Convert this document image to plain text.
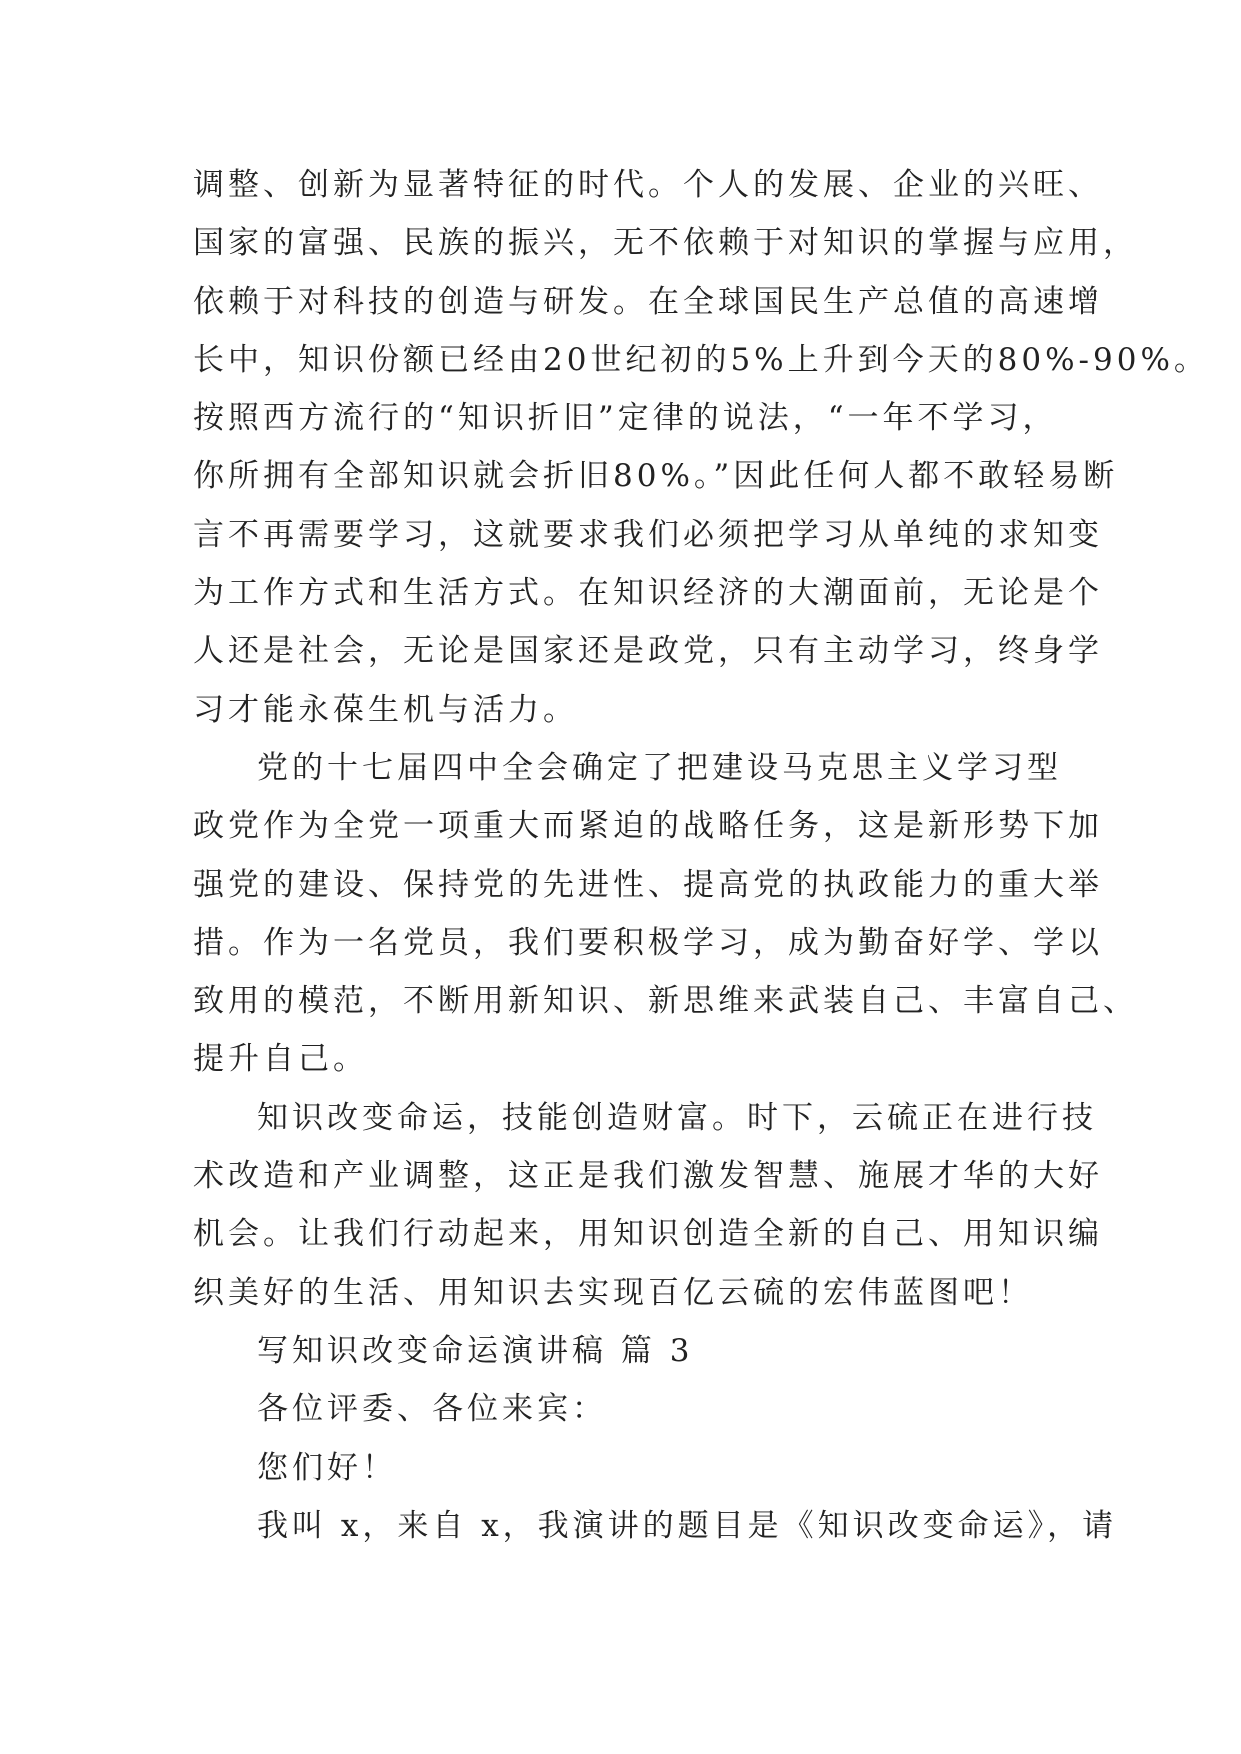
调整、创新为显著特征的时代。个人的发展、企业的兴旺、
国家的富强、民族的振兴，无不依赖于对知识的掌握与应用，
依赖于对科技的创造与研发。在全球国民生产总值的高速增
长中，知识份额已经由20世纪初的5%上升到今天的80%-90%。
按照西方流行的“知识折旧”定律的说法，“一年不学习，
你所拥有全部知识就会折旧80%。”因此任何人都不敢轻易断
言不再需要学习，这就要求我们必须把学习从单纯的求知变
为工作方式和生活方式。在知识经济的大潮面前，无论是个
人还是社会，无论是国家还是政党，只有主动学习，终身学
习才能永葆生机与活力。
党的十七届四中全会确定了把建设马克思主义学习型
政党作为全党一项重大而紧迫的战略任务，这是新形势下加
强党的建设、保持党的先进性、提高党的执政能力的重大举
措。作为一名党员，我们要积极学习，成为勤奋好学、学以
致用的模范，不断用新知识、新思维来武装自己、丰富自己、
提升自己。
知识改变命运，技能创造财富。时下，云硫正在进行技
术改造和产业调整，这正是我们激发智慧、施展才华的大好
机会。让我们行动起来，用知识创造全新的自己、用知识编
织美好的生活、用知识去实现百亿云硫的宏伟蓝图吧！
写知识改变命运演讲稿 篇 3
各位评委、各位来宾：
您们好！
我叫 x，来自 x，我演讲的题目是《知识改变命运》，请
